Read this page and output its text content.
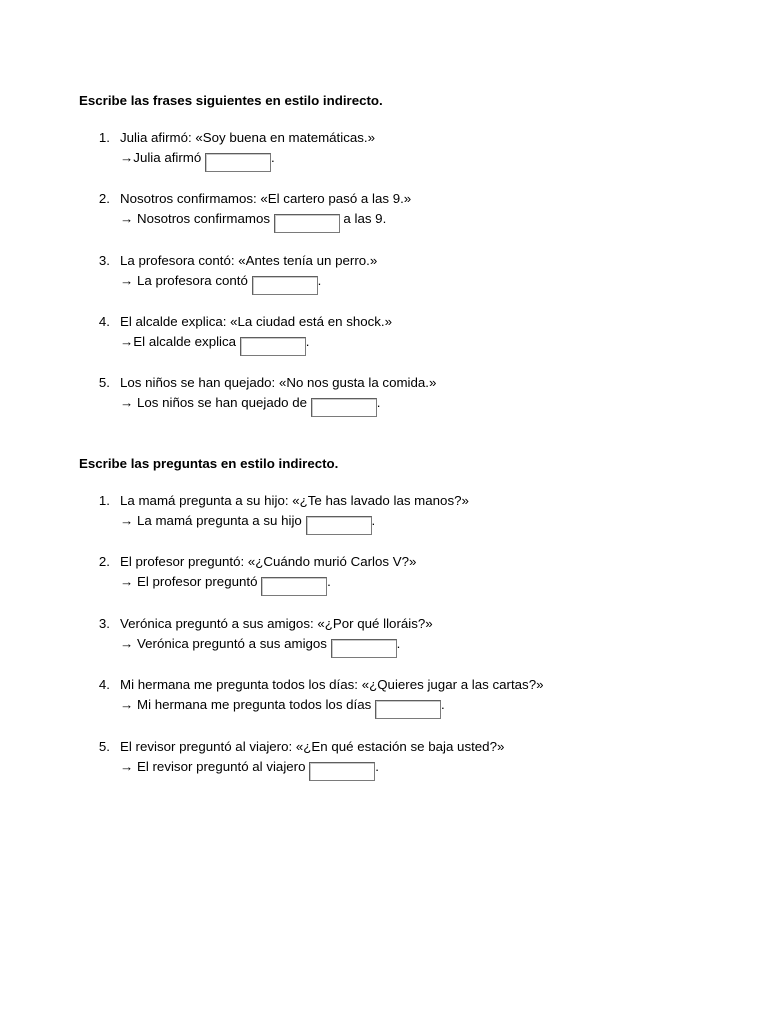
Escribe las frases siguientes en estilo indirecto.
1. Julia afirmó: «Soy buena en matemáticas.»
→Julia afirmó	.
2. Nosotros confirmamos: «El cartero pasó a las 9.»
→ Nosotros confirmamos	a las 9.
3. La profesora contó: «Antes tenía un perro.»
→ La profesora contó	.
4. El alcalde explica: «La ciudad está en shock.»
→El alcalde explica	.
5. Los niños se han quejado: «No nos gusta la comida.»
→ Los niños se han quejado de	.
Escribe las preguntas en estilo indirecto.
1. La mamá pregunta a su hijo: «¿Te has lavado las manos?»
→ La mamá pregunta a su hijo	.
2. El profesor preguntó: «¿Cuándo murió Carlos V?»
→ El profesor preguntó	.
3. Verónica preguntó a sus amigos: «¿Por qué lloráis?»
→ Verónica preguntó a sus amigos	.
4. Mi hermana me pregunta todos los días: «¿Quieres jugar a las cartas?»
→ Mi hermana me pregunta todos los días	.
5. El revisor preguntó al viajero: «¿En qué estación se baja usted?»
→ El revisor preguntó al viajero	.
